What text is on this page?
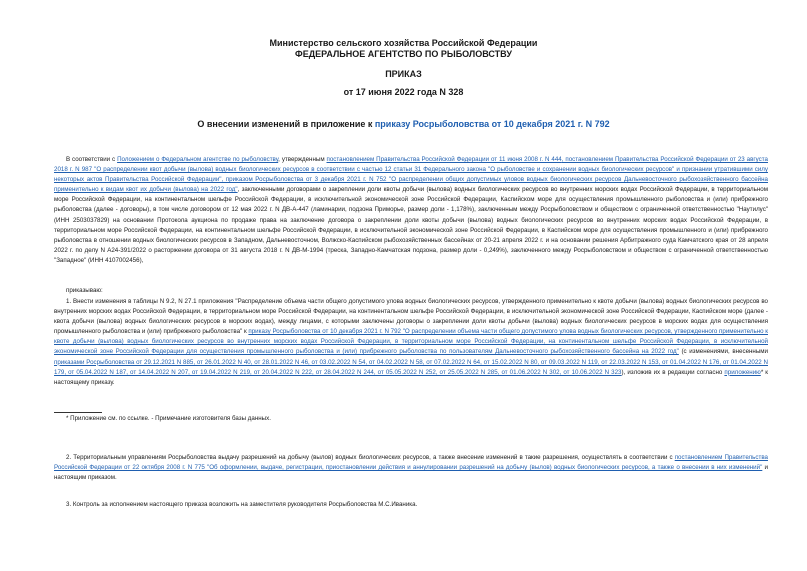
Министерство сельского хозяйства Российской Федерации
ФЕДЕРАЛЬНОЕ АГЕНТСТВО ПО РЫБОЛОВСТВУ
ПРИКАЗ
от 17 июня 2022 года N 328
О внесении изменений в приложение к приказу Росрыболовства от 10 декабря 2021 г. N 792
В соответствии с Положением о Федеральном агентстве по рыболовству, утвержденным постановлением Правительства Российской Федерации от 11 июня 2008 г. N 444, постановлением Правительства Российской Федерации от 23 августа 2018 г. N 987 "О распределении квот добычи (вылова) водных биологических ресурсов в соответствии с частью 12 статьи 31 Федерального закона "О рыболовстве и сохранении водных биологических ресурсов" и признании утратившими силу некоторых актов Правительства Российской Федерации", приказом Росрыболовства от 3 декабря 2021 г. N 752 "О распределении общих допустимых уловов водных биологических ресурсов Дальневосточного рыбохозяйственного бассейна применительно к видам квот их добычи (вылова) на 2022 год", заключенными договорами о закреплении доли квоты добычи (вылова) водных биологических ресурсов во внутренних морских водах Российской Федерации, в территориальном море Российской Федерации, на континентальном шельфе Российской Федерации, в исключительной экономической зоне Российской Федерации, Каспийском море для осуществления промышленного рыболовства и (или) прибрежного рыболовства (далее - договоры), в том числе договором от 12 мая 2022 г. N ДВ-А-447 (ламинарии, подзона Приморье, размер доли - 1,178%), заключенным между Росрыболовством и обществом с ограниченной ответственностью "Наутилус" (ИНН 2503037829) на основании Протокола аукциона по продаже права на заключение договора о закреплении доли квоты добычи (вылова) водных биологических ресурсов во внутренних морских водах Российской Федерации, в территориальном море Российской Федерации, на континентальном шельфе Российской Федерации, в исключительной экономической зоне Российской Федерации, в Каспийском море для осуществления промышленного и (или) прибрежного рыболовства в отношении водных биологических ресурсов в Западном, Дальневосточном, Волжско-Каспийском рыбохозяйственных бассейнах от 20-21 апреля 2022 г. и на основании решения Арбитражного суда Камчатского края от 28 апреля 2022 г. по делу N А24-391/2022 о расторжении договора от 31 августа 2018 г. N ДВ-М-1994 (треска, Западно-Камчатская подзона, размер доли - 0,249%), заключенного между Росрыболовством и обществом с ограниченной ответственностью "Западное" (ИНН 4107002456),
приказываю:
1. Внести изменения в таблицы N 9.2, N 27.1 приложения "Распределение объема части общего допустимого улова водных биологических ресурсов, утвержденного применительно к квоте добычи (вылова) водных биологических ресурсов во внутренних морских водах Российской Федерации, в территориальном море Российской Федерации, на континентальном шельфе Российской Федерации, в исключительной экономической зоне Российской Федерации, Каспийском море (далее - квота добычи (вылова) водных биологических ресурсов в морских водах), между лицами, с которыми заключены договоры о закреплении доли квоты добычи (вылова) водных биологических ресурсов в морских водах для осуществления промышленного рыболовства и (или) прибрежного рыболовства" к приказу Росрыболовства от 10 декабря 2021 г. N 792 "О распределении объема части общего допустимого улова водных биологических ресурсов, утвержденного применительно к квоте добычи (вылова) водных биологических ресурсов во внутренних морских водах Российской Федерации, в территориальном море Российской Федерации, на континентальном шельфе Российской Федерации, в исключительной экономической зоне Российской Федерации для осуществления промышленного рыболовства и (или) прибрежного рыболовства по пользователям Дальневосточного рыбохозяйственного бассейна на 2022 год" (с изменениями, внесенными приказами Росрыболовства от 29.12.2021 N 885, от 26.01.2022 N 40, от 28.01.2022 N 46, от 03.02.2022 N 54, от 04.02.2022 N 58, от 07.02.2022 N 64, от 15.02.2022 N 80, от 09.03.2022 N 119, от 22.03.2022 N 153, от 01.04.2022 N 176, от 01.04.2022 N 179, от 05.04.2022 N 187, от 14.04.2022 N 207, от 19.04.2022 N 219, от 20.04.2022 N 222, от 28.04.2022 N 244, от 05.05.2022 N 252, от 25.05.2022 N 285, от 01.06.2022 N 302, от 10.06.2022 N 323), изложив их в редакции согласно приложению* к настоящему приказу.
* Приложение см. по ссылке. - Примечание изготовителя базы данных.
2. Территориальным управлениям Росрыболовства выдачу разрешений на добычу (вылов) водных биологических ресурсов, а также внесение изменений в такие разрешения, осуществлять в соответствии с постановлением Правительства Российской Федерации от 22 октября 2008 г. N 775 "Об оформлении, выдаче, регистрации, приостановлении действия и аннулировании разрешений на добычу (вылов) водных биологических ресурсов, а также о внесении в них изменений" и настоящим приказом.
3. Контроль за исполнением настоящего приказа возложить на заместителя руководителя Росрыболовства М.С.Иваника.
